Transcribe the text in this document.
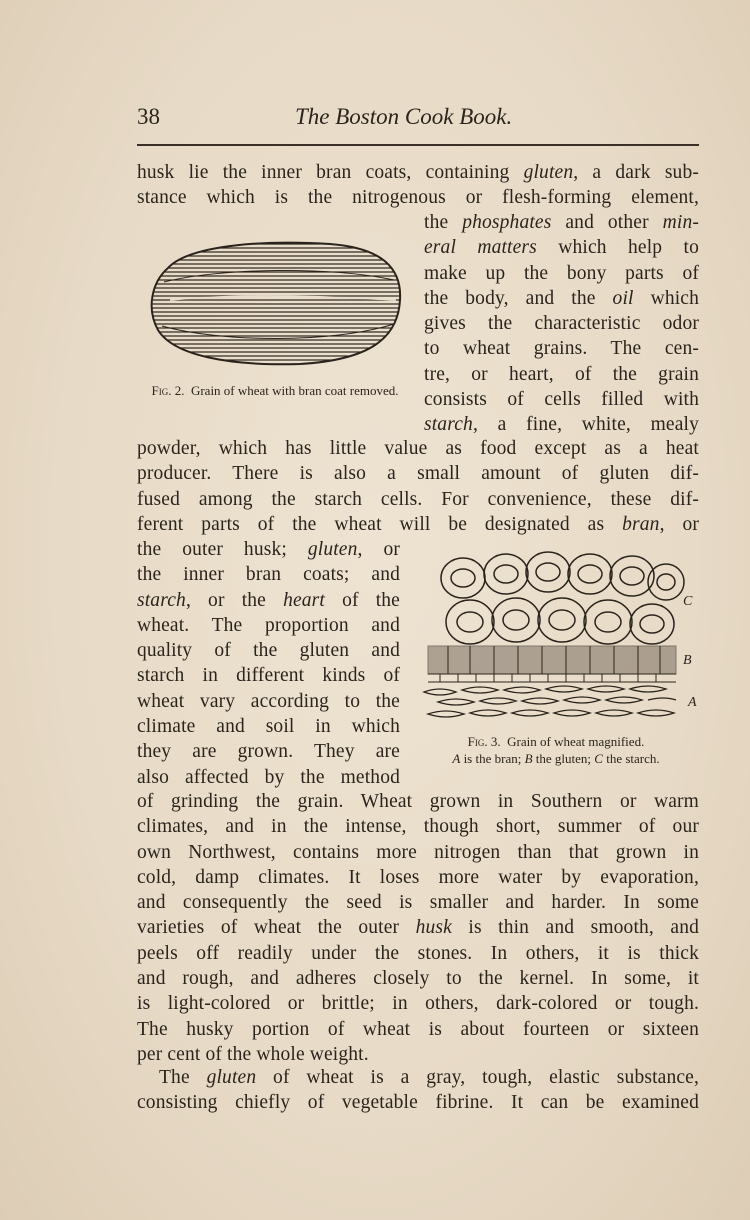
38	The Boston Cook Book.
husk lie the inner bran coats, containing gluten, a dark sub-
stance which is the nitrogenous or flesh-forming element,
the phosphates and other min-
eral matters which help to
make up the bony parts of
the body, and the oil which
gives the characteristic odor
to wheat grains. The cen-
tre, or heart, of the grain
consists of cells filled with
starch, a fine, white, mealy
Fig. 2. Grain of wheat with bran coat removed.
powder, which has little value as food except as a heat
producer. There is also a small amount of gluten dif-
fused among the starch cells. For convenience, these dif-
ferent parts of the wheat will be designated as bran, or
the outer husk; gluten, or
the inner bran coats; and
starch, or the heart of the
wheat. The proportion and
quality of the gluten and
starch in different kinds of
wheat vary according to the
climate and soil in which
they are grown. They are
also affected by the method
C
B
A
Fig. 3. Grain of wheat magnified.
A is the bran; B the gluten; C the starch.
of grinding the grain. Wheat grown in Southern or warm
climates, and in the intense, though short, summer of our
own Northwest, contains more nitrogen than that grown in
cold, damp climates. It loses more water by evaporation,
and consequently the seed is smaller and harder. In some
varieties of wheat the outer husk is thin and smooth, and
peels off readily under the stones. In others, it is thick
and rough, and adheres closely to the kernel. In some, it
is light-colored or brittle; in others, dark-colored or tough.
The husky portion of wheat is about fourteen or sixteen
per cent of the whole weight.
The gluten of wheat is a gray, tough, elastic substance,
consisting chiefly of vegetable fibrine. It can be examined
